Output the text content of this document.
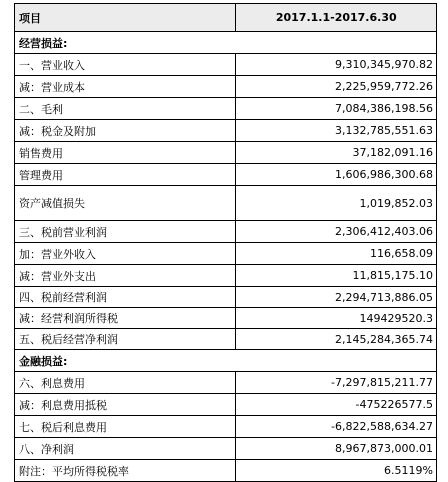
项目	2017.1.1-2017.6.30
经营损益:
一、营业收入	9,310,345,970.82
减：营业成本	2,225,959,772.26
二、毛利	7,084,386,198.56
减：税金及附加	3,132,785,551.63
销售费用	37,182,091.16
管理费用	1,606,986,300.68
资产减值损失	1,019,852.03
三、税前营业利润	2,306,412,403.06
加：营业外收入	116,658.09
减：营业外支出	11,815,175.10
四、税前经营利润	2,294,713,886.05
减：经营利润所得税	149429520.3
五、税后经营净利润	2,145,284,365.74
金融损益:
六、利息费用	-7,297,815,211.77
减：利息费用抵税	-475226577.5
七、税后利息费用	-6,822,588,634.27
八、净利润	8,967,873,000.01
附注：平均所得税税率	6.5119%
